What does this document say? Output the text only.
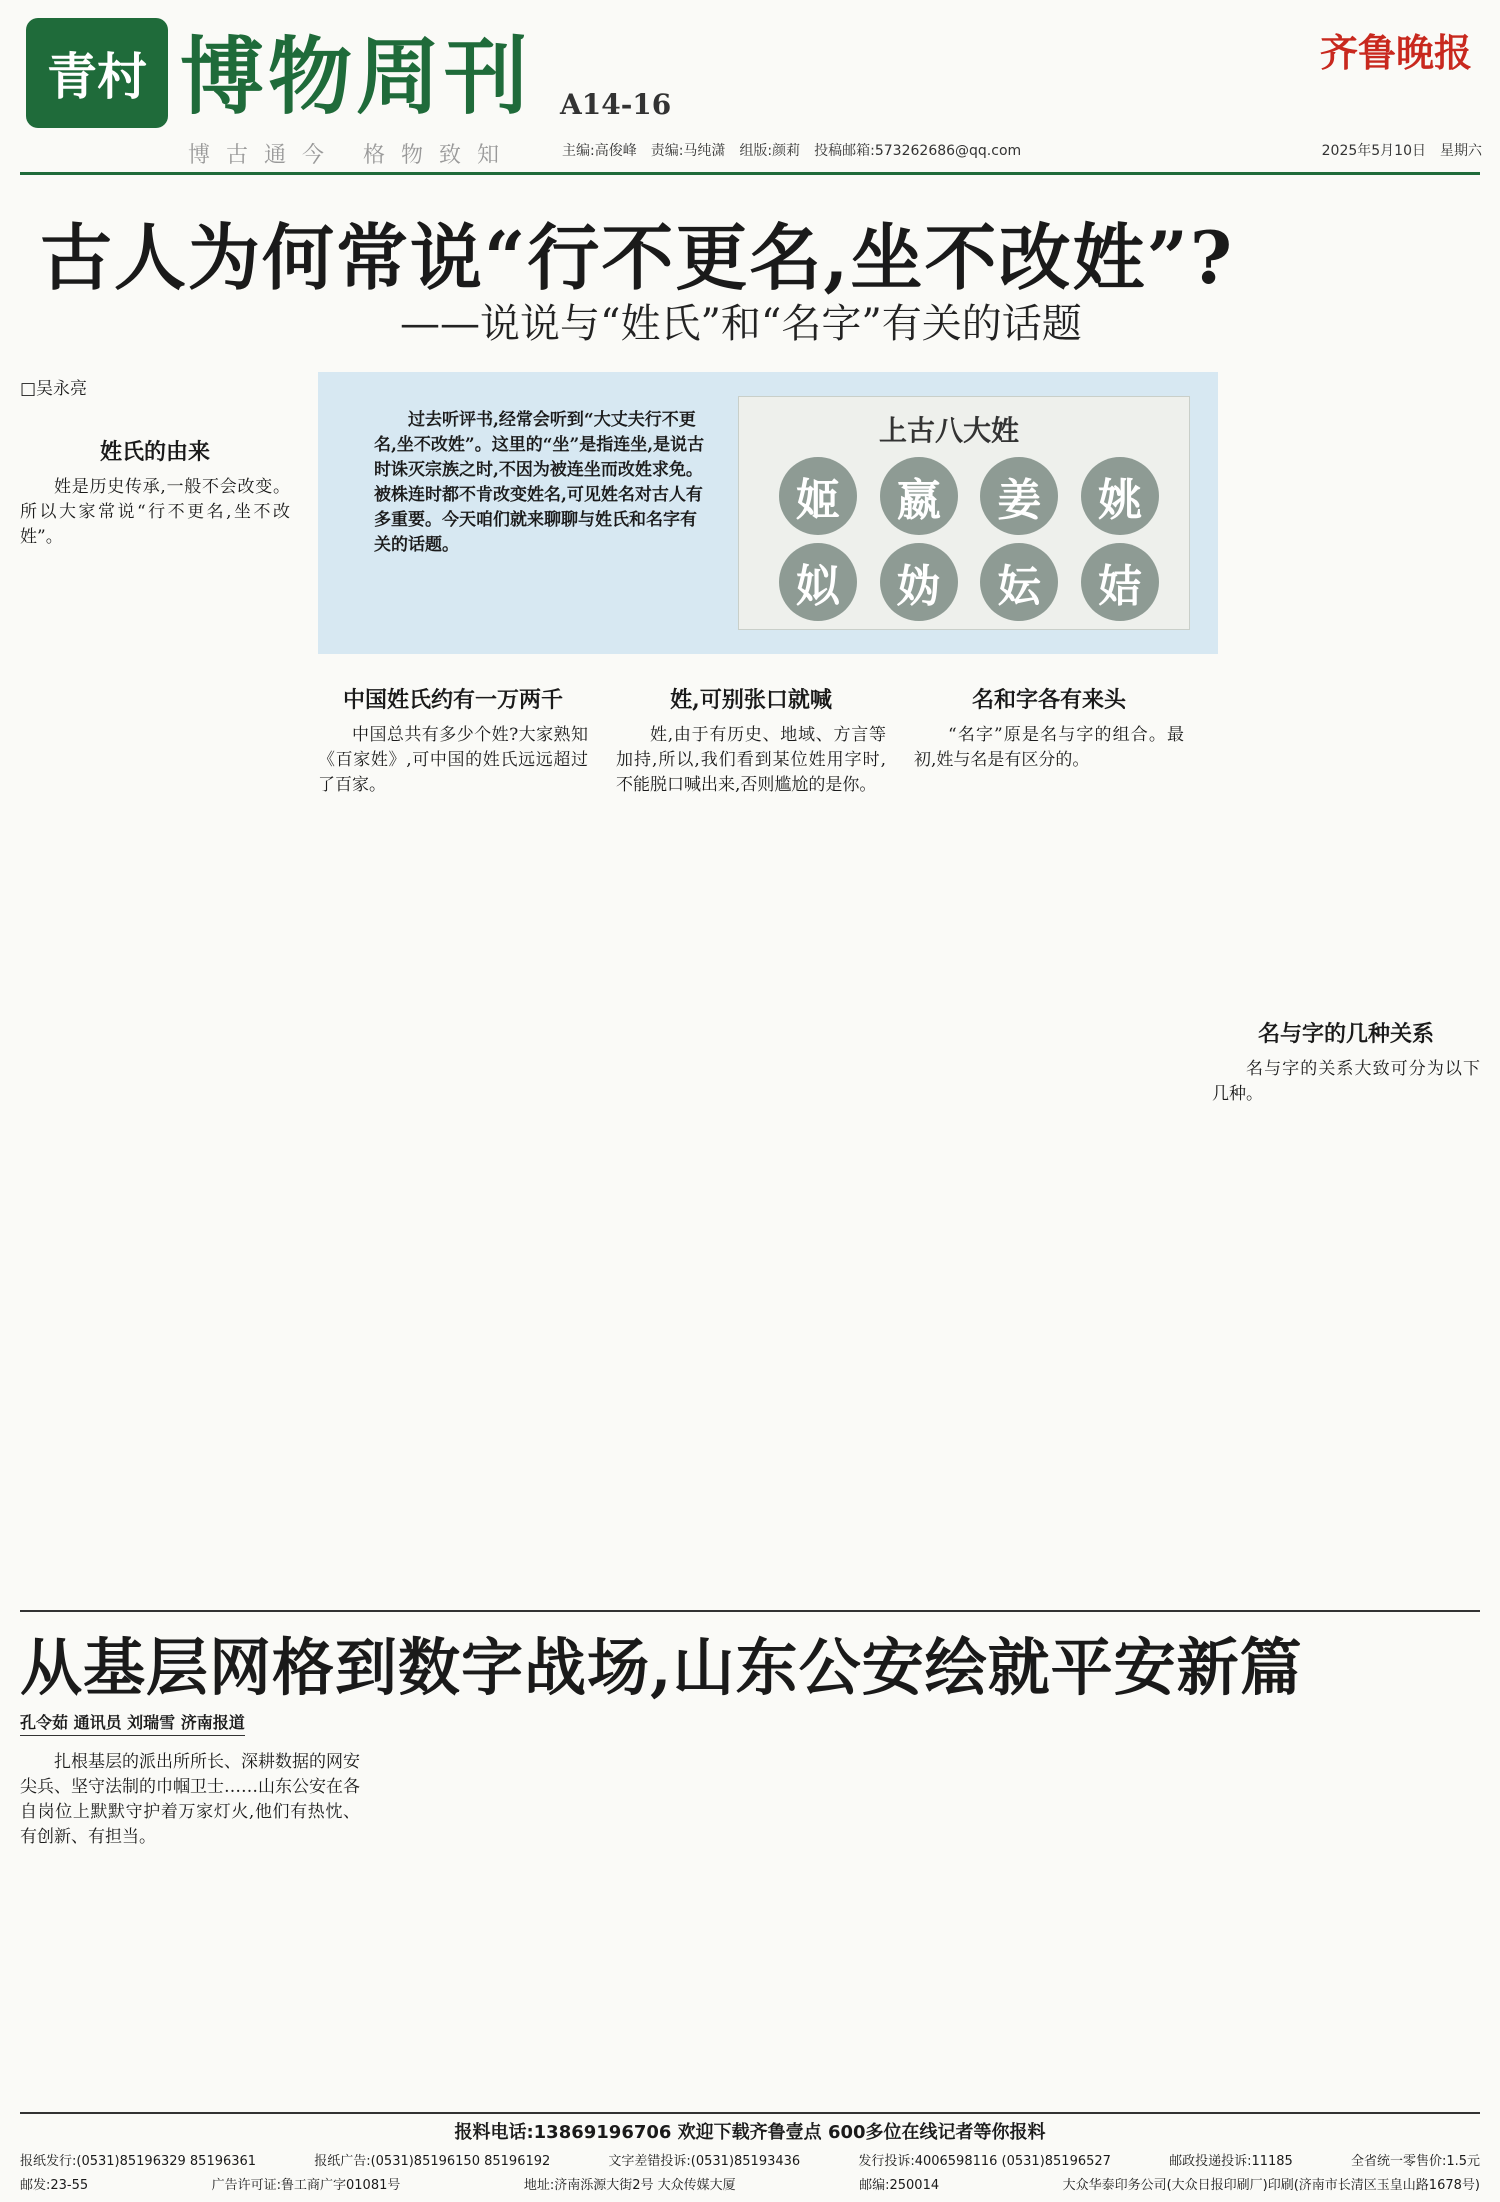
青村 博物周刊 A14-16
博古通今 格物致知
齐鲁晚报
主编:高俊峰 责编:马纯潇 组版:颜莉 投稿邮箱:573262686@qq.com	2025年5月10日 星期六
古人为何常说“行不更名,坐不改姓”?
——说说与“姓氏”和“名字”有关的话题
□吴永亮
过去听评书,经常会听到“大丈夫行不更名,坐不改姓”。这里的“坐”是指连坐,是说古时诛灭宗族之时,不因为被连坐而改姓求免。被株连时都不肯改变姓名,可见姓名对古人有多重要。今天咱们就来聊聊与姓氏和名字有关的话题。
上古八大姓
姬	嬴	姜	姚
姒	妫	妘	姞
姓氏的由来

姓是历史传承,一般不会改变。所以大家常说“行不更名,坐不改姓”。

中国姓氏约有一万两千

中国总共有多少个姓?大家熟知《百家姓》,可中国的姓氏远远超过了百家。

姓,可别张口就喊

姓,由于有历史、地域、方言等加持,所以,我们看到某位姓用字时,不能脱口喊出来,否则尴尬的是你。

名和字各有来头

“名字”原是名与字的组合。最初,姓与名是有区分的。

名与字的几种关系

名与字的关系大致可分为以下几种。

从基层网格到数字战场,山东公安绘就平安新篇
孔令茹 通讯员 刘瑞雪 济南报道

扎根基层的派出所所长、深耕数据的网安尖兵、坚守法制的巾帼卫士……山东公安在各自岗位上默默守护着万家灯火,他们有热忱、有创新、有担当。

报料电话:13869196706 欢迎下载齐鲁壹点 600多位在线记者等你报料
报纸发行:(0531)85196329 85196361	报纸广告:(0531)85196150 85196192	文字差错投诉:(0531)85193436	发行投诉:4006598116 (0531)85196527	邮政投递投诉:11185	全省统一零售价:1.5元
邮发:23-55	广告许可证:鲁工商广字01081号	地址:济南泺源大街2号 大众传媒大厦	邮编:250014	大众华泰印务公司(大众日报印刷厂)印刷(济南市长清区玉皇山路1678号)
